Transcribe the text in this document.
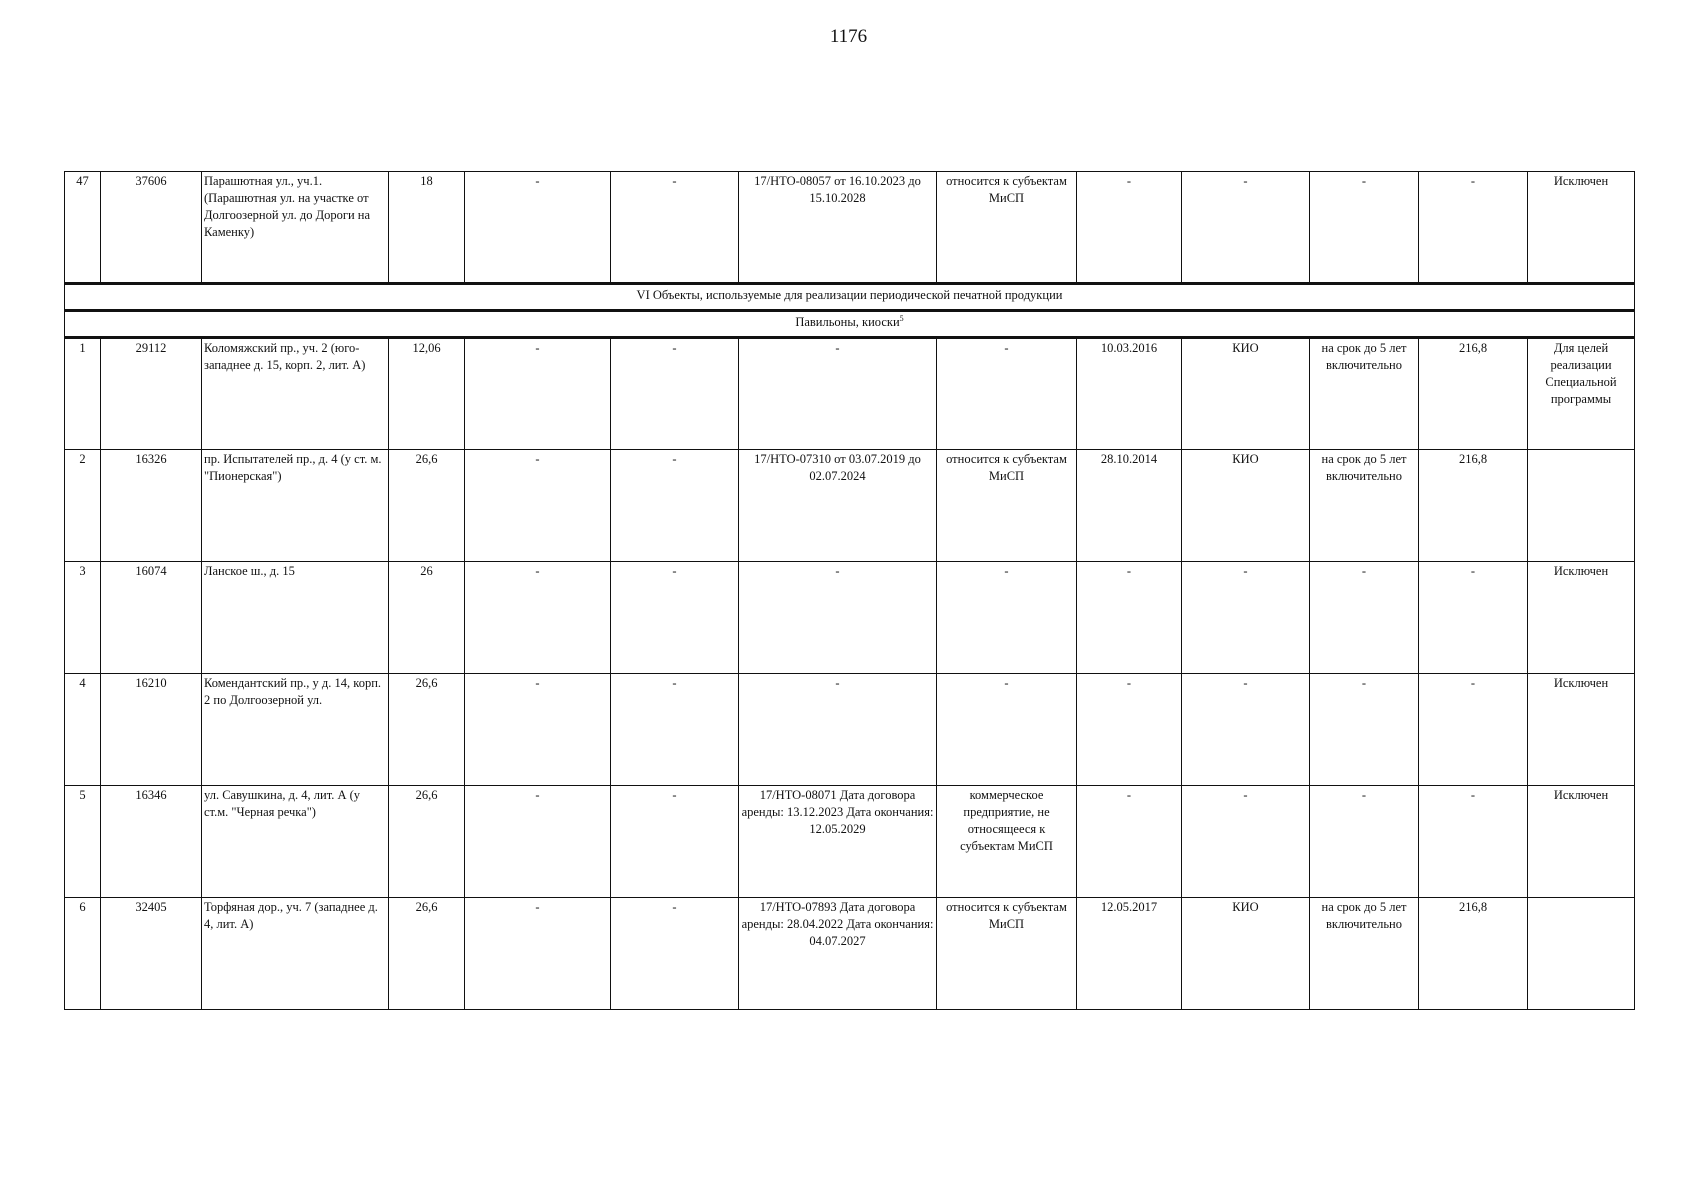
1176
47	37606	Парашютная ул., уч.1. (Парашютная ул. на участке от Долгоозерной ул. до Дороги на Каменку)	18	-	-	17/НТО-08057 от 16.10.2023 до 15.10.2028	относится к субъектам МиСП	-	-	-	-	Исключен
VI Объекты, используемые для реализации периодической печатной продукции												
Павильоны, киоски$^5$
1	29112	Коломяжский пр., уч. 2 (юго-западнее д. 15, корп. 2, лит. А)	12,06	-	-	-	-	10.03.2016	КИО	на срок до 5 лет включительно	216,8	Для целей реализации Специальной программы
2	16326	пр. Испытателей пр., д. 4 (у ст. м. "Пионерская")	26,6	-	-	17/НТО-07310 от 03.07.2019 до 02.07.2024	относится к субъектам МиСП	28.10.2014	КИО	на срок до 5 лет включительно	216,8	
3	16074	Ланское ш., д. 15	26	-	-	-	-	-	-	-	-	Исключен
4	16210	Комендантский пр., у д. 14, корп. 2 по Долгоозерной ул.	26,6	-	-	-	-	-	-	-	-	Исключен
5	16346	ул. Савушкина, д. 4, лит. А (у ст.м. "Черная речка")	26,6	-	-	17/НТО-08071 Дата договора аренды: 13.12.2023 Дата окончания: 12.05.2029	коммерческое предприятие, не относящееся к субъектам МиСП	-	-	-	-	Исключен
6	32405	Торфяная дор., уч. 7 (западнее д. 4, лит. А)	26,6	-	-	17/НТО-07893 Дата договора аренды: 28.04.2022 Дата окончания: 04.07.2027	относится к субъектам МиСП	12.05.2017	КИО	на срок до 5 лет включительно	216,8	
